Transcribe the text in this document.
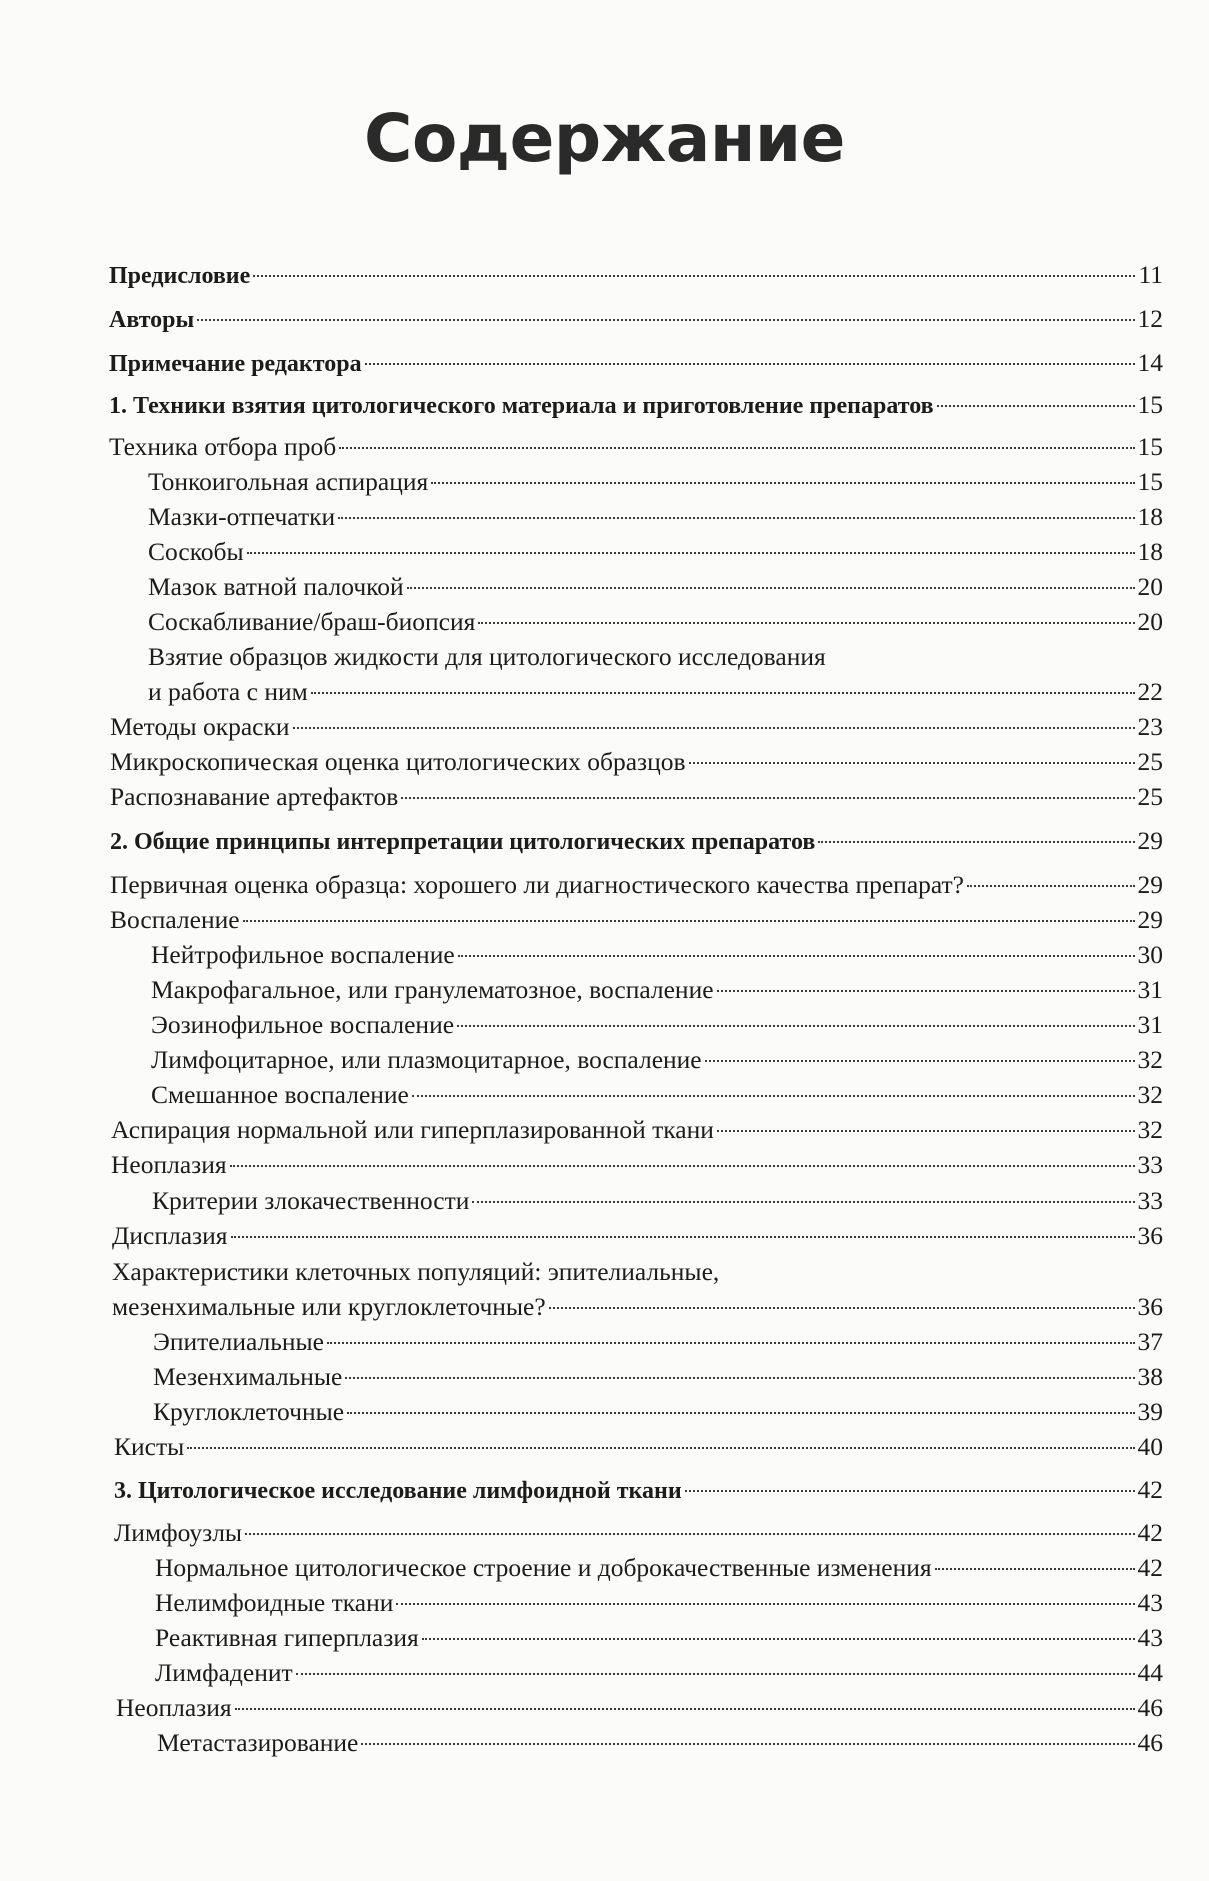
Содержание
Предисловие	11
Авторы	12
Примечание редактора	14
1. Техники взятия цитологического материала и приготовление препаратов	15
Техника отбора проб	15
Тонкоигольная аспирация	15
Мазки-отпечатки	18
Соскобы	18
Мазок ватной палочкой	20
Соскабливание/браш-биопсия	20
Взятие образцов жидкости для цитологического исследования
и работа с ним	22
Методы окраски	23
Микроскопическая оценка цитологических образцов	25
Распознавание артефактов	25
2. Общие принципы интерпретации цитологических препаратов	29
Первичная оценка образца: хорошего ли диагностического качества препарат?	29
Воспаление	29
Нейтрофильное воспаление	30
Макрофагальное, или гранулематозное, воспаление	31
Эозинофильное воспаление	31
Лимфоцитарное, или плазмоцитарное, воспаление	32
Смешанное воспаление	32
Аспирация нормальной или гиперплазированной ткани	32
Неоплазия	33
Критерии злокачественности	33
Дисплазия	36
Характеристики клеточных популяций: эпителиальные,
мезенхимальные или круглоклеточные?	36
Эпителиальные	37
Мезенхимальные	38
Круглоклеточные	39
Кисты	40
3. Цитологическое исследование лимфоидной ткани	42
Лимфоузлы	42
Нормальное цитологическое строение и доброкачественные изменения	42
Нелимфоидные ткани	43
Реактивная гиперплазия	43
Лимфаденит	44
Неоплазия	46
Метастазирование	46
